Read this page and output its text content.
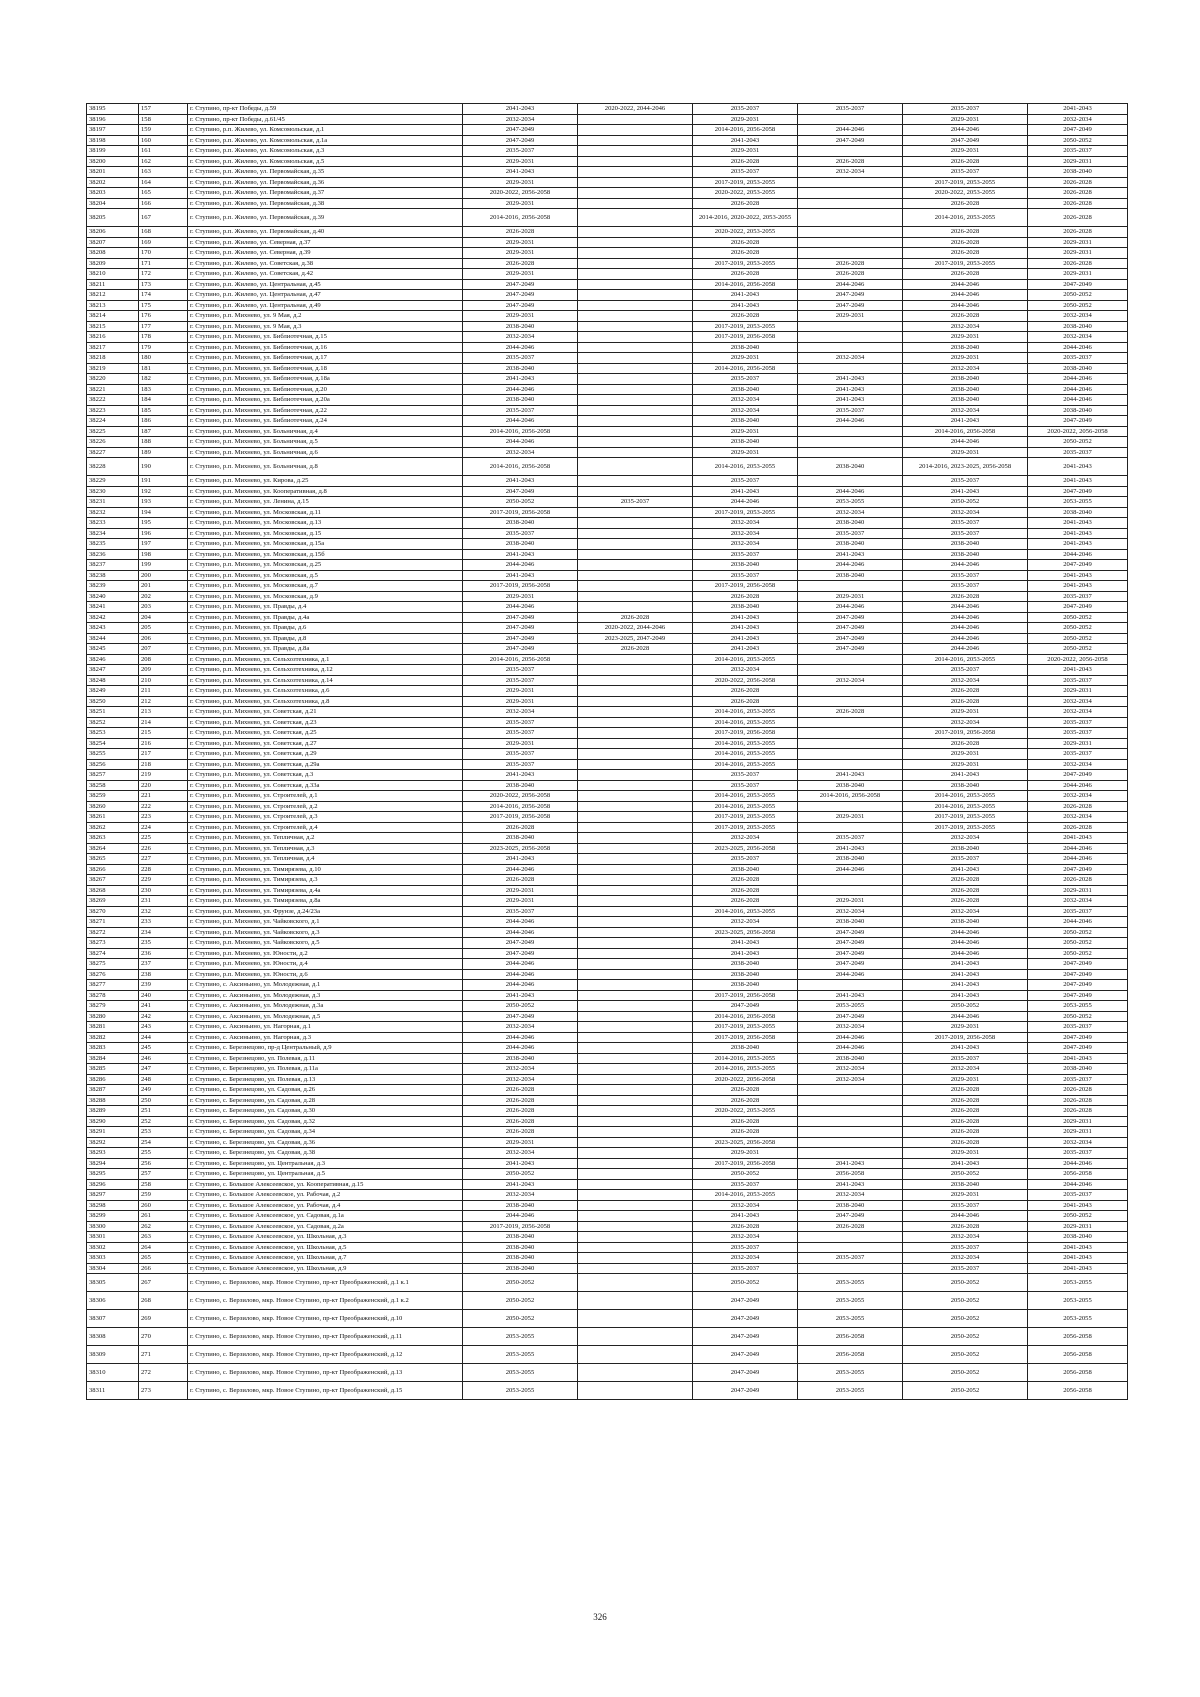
38195	157	г. Ступино, пр-кт Победы, д.59	2041-2043	2020-2022, 2044-2046	2035-2037	2035-2037	2035-2037	2041-2043
38196	158	г. Ступино, пр-кт Победы, д.61/45	2032-2034		2029-2031		2029-2031	2032-2034
38197	159	г. Ступино, р.п. Жилево, ул. Комсомольская, д.1	2047-2049		2014-2016, 2056-2058	2044-2046	2044-2046	2047-2049
38198	160	г. Ступино, р.п. Жилево, ул. Комсомольская, д.1а	2047-2049		2041-2043	2047-2049	2047-2049	2050-2052
38199	161	г. Ступино, р.п. Жилево, ул. Комсомольская, д.3	2035-2037		2029-2031		2029-2031	2035-2037
38200	162	г. Ступино, р.п. Жилево, ул. Комсомольская, д.5	2029-2031		2026-2028	2026-2028	2026-2028	2029-2031
38201	163	г. Ступино, р.п. Жилево, ул. Первомайская, д.35	2041-2043		2035-2037	2032-2034	2035-2037	2038-2040
38202	164	г. Ступино, р.п. Жилево, ул. Первомайская, д.36	2029-2031		2017-2019, 2053-2055		2017-2019, 2053-2055	2026-2028
38203	165	г. Ступино, р.п. Жилево, ул. Первомайская, д.37	2020-2022, 2056-2058		2020-2022, 2053-2055		2020-2022, 2053-2055	2026-2028
38204	166	г. Ступино, р.п. Жилево, ул. Первомайская, д.38	2029-2031		2026-2028		2026-2028	2026-2028
38205	167	г. Ступино, р.п. Жилево, ул. Первомайская, д.39	2014-2016, 2056-2058		2014-2016, 2020-2022, 2053-2055		2014-2016, 2053-2055	2026-2028
38206	168	г. Ступино, р.п. Жилево, ул. Первомайская, д.40	2026-2028		2020-2022, 2053-2055		2026-2028	2026-2028
38207	169	г. Ступино, р.п. Жилево, ул. Северная, д.37	2029-2031		2026-2028		2026-2028	2029-2031
38208	170	г. Ступино, р.п. Жилево, ул. Северная, д.39	2029-2031		2026-2028		2026-2028	2029-2031
38209	171	г. Ступино, р.п. Жилево, ул. Советская, д.38	2026-2028		2017-2019, 2053-2055	2026-2028	2017-2019, 2053-2055	2026-2028
38210	172	г. Ступино, р.п. Жилево, ул. Советская, д.42	2029-2031		2026-2028	2026-2028	2026-2028	2029-2031
38211	173	г. Ступино, р.п. Жилево, ул. Центральная, д.45	2047-2049		2014-2016, 2056-2058	2044-2046	2044-2046	2047-2049
38212	174	г. Ступино, р.п. Жилево, ул. Центральная, д.47	2047-2049		2041-2043	2047-2049	2044-2046	2050-2052
38213	175	г. Ступино, р.п. Жилево, ул. Центральная, д.49	2047-2049		2041-2043	2047-2049	2044-2046	2050-2052
38214	176	г. Ступино, р.п. Михнево, ул. 9 Мая, д.2	2029-2031		2026-2028	2029-2031	2026-2028	2032-2034
38215	177	г. Ступино, р.п. Михнево, ул. 9 Мая, д.3	2038-2040		2017-2019, 2053-2055		2032-2034	2038-2040
38216	178	г. Ступино, р.п. Михнево, ул. Библиотечная, д.15	2032-2034		2017-2019, 2056-2058		2029-2031	2032-2034
38217	179	г. Ступино, р.п. Михнево, ул. Библиотечная, д.16	2044-2046		2038-2040		2038-2040	2044-2046
38218	180	г. Ступино, р.п. Михнево, ул. Библиотечная, д.17	2035-2037		2029-2031	2032-2034	2029-2031	2035-2037
38219	181	г. Ступино, р.п. Михнево, ул. Библиотечная, д.18	2038-2040		2014-2016, 2056-2058		2032-2034	2038-2040
38220	182	г. Ступино, р.п. Михнево, ул. Библиотечная, д.18а	2041-2043		2035-2037	2041-2043	2038-2040	2044-2046
38221	183	г. Ступино, р.п. Михнево, ул. Библиотечная, д.20	2044-2046		2038-2040	2041-2043	2038-2040	2044-2046
38222	184	г. Ступино, р.п. Михнево, ул. Библиотечная, д.20а	2038-2040		2032-2034	2041-2043	2038-2040	2044-2046
38223	185	г. Ступино, р.п. Михнево, ул. Библиотечная, д.22	2035-2037		2032-2034	2035-2037	2032-2034	2038-2040
38224	186	г. Ступино, р.п. Михнево, ул. Библиотечная, д.24	2044-2046		2038-2040	2044-2046	2041-2043	2047-2049
38225	187	г. Ступино, р.п. Михнево, ул. Больничная, д.4	2014-2016, 2056-2058		2029-2031		2014-2016, 2056-2058	2020-2022, 2056-2058
38226	188	г. Ступино, р.п. Михнево, ул. Больничная, д.5	2044-2046		2038-2040		2044-2046	2050-2052
38227	189	г. Ступино, р.п. Михнево, ул. Больничная, д.6	2032-2034		2029-2031		2029-2031	2035-2037
38228	190	г. Ступино, р.п. Михнево, ул. Больничная, д.8	2014-2016, 2056-2058		2014-2016, 2053-2055	2038-2040	2014-2016, 2023-2025, 2056-2058	2041-2043
38229	191	г. Ступино, р.п. Михнево, ул. Кирова, д.25	2041-2043		2035-2037		2035-2037	2041-2043
38230	192	г. Ступино, р.п. Михнево, ул. Кооперативная, д.8	2047-2049		2041-2043	2044-2046	2041-2043	2047-2049
38231	193	г. Ступино, р.п. Михнево, ул. Ленина, д.15	2050-2052	2035-2037	2044-2046	2053-2055	2050-2052	2053-2055
38232	194	г. Ступино, р.п. Михнево, ул. Московская, д.11	2017-2019, 2056-2058		2017-2019, 2053-2055	2032-2034	2032-2034	2038-2040
38233	195	г. Ступино, р.п. Михнево, ул. Московская, д.13	2038-2040		2032-2034	2038-2040	2035-2037	2041-2043
38234	196	г. Ступино, р.п. Михнево, ул. Московская, д.15	2035-2037		2032-2034	2035-2037	2035-2037	2041-2043
38235	197	г. Ступино, р.п. Михнево, ул. Московская, д.15а	2038-2040		2032-2034	2038-2040	2038-2040	2041-2043
38236	198	г. Ступино, р.п. Михнево, ул. Московская, д.15б	2041-2043		2035-2037	2041-2043	2038-2040	2044-2046
38237	199	г. Ступино, р.п. Михнево, ул. Московская, д.25	2044-2046		2038-2040	2044-2046	2044-2046	2047-2049
38238	200	г. Ступино, р.п. Михнево, ул. Московская, д.5	2041-2043		2035-2037	2038-2040	2035-2037	2041-2043
38239	201	г. Ступино, р.п. Михнево, ул. Московская, д.7	2017-2019, 2056-2058		2017-2019, 2056-2058		2035-2037	2041-2043
38240	202	г. Ступино, р.п. Михнево, ул. Московская, д.9	2029-2031		2026-2028	2029-2031	2026-2028	2035-2037
38241	203	г. Ступино, р.п. Михнево, ул. Правды, д.4	2044-2046		2038-2040	2044-2046	2044-2046	2047-2049
38242	204	г. Ступино, р.п. Михнево, ул. Правды, д.4а	2047-2049	2026-2028	2041-2043	2047-2049	2044-2046	2050-2052
38243	205	г. Ступино, р.п. Михнево, ул. Правды, д.6	2047-2049	2020-2022, 2044-2046	2041-2043	2047-2049	2044-2046	2050-2052
38244	206	г. Ступино, р.п. Михнево, ул. Правды, д.8	2047-2049	2023-2025, 2047-2049	2041-2043	2047-2049	2044-2046	2050-2052
38245	207	г. Ступино, р.п. Михнево, ул. Правды, д.8а	2047-2049	2026-2028	2041-2043	2047-2049	2044-2046	2050-2052
38246	208	г. Ступино, р.п. Михнево, ул. Сельхозтехника, д.1	2014-2016, 2056-2058		2014-2016, 2053-2055		2014-2016, 2053-2055	2020-2022, 2056-2058
38247	209	г. Ступино, р.п. Михнево, ул. Сельхозтехника, д.12	2035-2037		2032-2034		2035-2037	2041-2043
38248	210	г. Ступино, р.п. Михнево, ул. Сельхозтехника, д.14	2035-2037		2020-2022, 2056-2058	2032-2034	2032-2034	2035-2037
38249	211	г. Ступино, р.п. Михнево, ул. Сельхозтехника, д.6	2029-2031		2026-2028		2026-2028	2029-2031
38250	212	г. Ступино, р.п. Михнево, ул. Сельхозтехника, д.8	2029-2031		2026-2028		2026-2028	2032-2034
38251	213	г. Ступино, р.п. Михнево, ул. Советская, д.21	2032-2034		2014-2016, 2053-2055	2026-2028	2029-2031	2032-2034
38252	214	г. Ступино, р.п. Михнево, ул. Советская, д.23	2035-2037		2014-2016, 2053-2055		2032-2034	2035-2037
38253	215	г. Ступино, р.п. Михнево, ул. Советская, д.25	2035-2037		2017-2019, 2056-2058		2017-2019, 2056-2058	2035-2037
38254	216	г. Ступино, р.п. Михнево, ул. Советская, д.27	2029-2031		2014-2016, 2053-2055		2026-2028	2029-2031
38255	217	г. Ступино, р.п. Михнево, ул. Советская, д.29	2035-2037		2014-2016, 2053-2055		2029-2031	2035-2037
38256	218	г. Ступино, р.п. Михнево, ул. Советская, д.29а	2035-2037		2014-2016, 2053-2055		2029-2031	2032-2034
38257	219	г. Ступино, р.п. Михнево, ул. Советская, д.3	2041-2043		2035-2037	2041-2043	2041-2043	2047-2049
38258	220	г. Ступино, р.п. Михнево, ул. Советская, д.33а	2038-2040		2035-2037	2038-2040	2038-2040	2044-2046
38259	221	г. Ступино, р.п. Михнево, ул. Строителей, д.1	2020-2022, 2056-2058		2014-2016, 2053-2055	2014-2016, 2056-2058	2014-2016, 2053-2055	2032-2034
38260	222	г. Ступино, р.п. Михнево, ул. Строителей, д.2	2014-2016, 2056-2058		2014-2016, 2053-2055		2014-2016, 2053-2055	2026-2028
38261	223	г. Ступино, р.п. Михнево, ул. Строителей, д.3	2017-2019, 2056-2058		2017-2019, 2053-2055	2029-2031	2017-2019, 2053-2055	2032-2034
38262	224	г. Ступино, р.п. Михнево, ул. Строителей, д.4	2026-2028		2017-2019, 2053-2055		2017-2019, 2053-2055	2026-2028
38263	225	г. Ступино, р.п. Михнево, ул. Тепличная, д.2	2038-2040		2032-2034	2035-2037	2032-2034	2041-2043
38264	226	г. Ступино, р.п. Михнево, ул. Тепличная, д.3	2023-2025, 2056-2058		2023-2025, 2056-2058	2041-2043	2038-2040	2044-2046
38265	227	г. Ступино, р.п. Михнево, ул. Тепличная, д.4	2041-2043		2035-2037	2038-2040	2035-2037	2044-2046
38266	228	г. Ступино, р.п. Михнево, ул. Тимирязева, д.10	2044-2046		2038-2040	2044-2046	2041-2043	2047-2049
38267	229	г. Ступино, р.п. Михнево, ул. Тимирязева, д.3	2026-2028		2026-2028		2026-2028	2026-2028
38268	230	г. Ступино, р.п. Михнево, ул. Тимирязева, д.4а	2029-2031		2026-2028		2026-2028	2029-2031
38269	231	г. Ступино, р.п. Михнево, ул. Тимирязева, д.8а	2029-2031		2026-2028	2029-2031	2026-2028	2032-2034
38270	232	г. Ступино, р.п. Михнево, ул. Фрунзе, д.24/23а	2035-2037		2014-2016, 2053-2055	2032-2034	2032-2034	2035-2037
38271	233	г. Ступино, р.п. Михнево, ул. Чайковского, д.1	2044-2046		2032-2034	2038-2040	2038-2040	2044-2046
38272	234	г. Ступино, р.п. Михнево, ул. Чайковского, д.3	2044-2046		2023-2025, 2056-2058	2047-2049	2044-2046	2050-2052
38273	235	г. Ступино, р.п. Михнево, ул. Чайковского, д.5	2047-2049		2041-2043	2047-2049	2044-2046	2050-2052
38274	236	г. Ступино, р.п. Михнево, ул. Юности, д.2	2047-2049		2041-2043	2047-2049	2044-2046	2050-2052
38275	237	г. Ступино, р.п. Михнево, ул. Юности, д.4	2044-2046		2038-2040	2047-2049	2041-2043	2047-2049
38276	238	г. Ступино, р.п. Михнево, ул. Юности, д.6	2044-2046		2038-2040	2044-2046	2041-2043	2047-2049
38277	239	г. Ступино, с. Аксиньино, ул. Молодежная, д.1	2044-2046		2038-2040		2041-2043	2047-2049
38278	240	г. Ступино, с. Аксиньино, ул. Молодежная, д.3	2041-2043		2017-2019, 2056-2058	2041-2043	2041-2043	2047-2049
38279	241	г. Ступино, с. Аксиньино, ул. Молодежная, д.3а	2050-2052		2047-2049	2053-2055	2050-2052	2053-2055
38280	242	г. Ступино, с. Аксиньино, ул. Молодежная, д.5	2047-2049		2014-2016, 2056-2058	2047-2049	2044-2046	2050-2052
38281	243	г. Ступино, с. Аксиньино, ул. Нагорная, д.1	2032-2034		2017-2019, 2053-2055	2032-2034	2029-2031	2035-2037
38282	244	г. Ступино, с. Аксиньино, ул. Нагорная, д.3	2044-2046		2017-2019, 2056-2058	2044-2046	2017-2019, 2056-2058	2047-2049
38283	245	г. Ступино, с. Березнецово, пр-д Центральный, д.9	2044-2046		2038-2040	2044-2046	2041-2043	2047-2049
38284	246	г. Ступино, с. Березнецово, ул. Полевая, д.11	2038-2040		2014-2016, 2053-2055	2038-2040	2035-2037	2041-2043
38285	247	г. Ступино, с. Березнецово, ул. Полевая, д.11а	2032-2034		2014-2016, 2053-2055	2032-2034	2032-2034	2038-2040
38286	248	г. Ступино, с. Березнецово, ул. Полевая, д.13	2032-2034		2020-2022, 2056-2058	2032-2034	2029-2031	2035-2037
38287	249	г. Ступино, с. Березнецово, ул. Садовая, д.26	2026-2028		2026-2028		2026-2028	2026-2028
38288	250	г. Ступино, с. Березнецово, ул. Садовая, д.28	2026-2028		2026-2028		2026-2028	2026-2028
38289	251	г. Ступино, с. Березнецово, ул. Садовая, д.30	2026-2028		2020-2022, 2053-2055		2026-2028	2026-2028
38290	252	г. Ступино, с. Березнецово, ул. Садовая, д.32	2026-2028		2026-2028		2026-2028	2029-2031
38291	253	г. Ступино, с. Березнецово, ул. Садовая, д.34	2026-2028		2026-2028		2026-2028	2029-2031
38292	254	г. Ступино, с. Березнецово, ул. Садовая, д.36	2029-2031		2023-2025, 2056-2058		2026-2028	2032-2034
38293	255	г. Ступино, с. Березнецово, ул. Садовая, д.38	2032-2034		2029-2031		2029-2031	2035-2037
38294	256	г. Ступино, с. Березнецово, ул. Центральная, д.3	2041-2043		2017-2019, 2056-2058	2041-2043	2041-2043	2044-2046
38295	257	г. Ступино, с. Березнецово, ул. Центральная, д.5	2050-2052		2050-2052	2056-2058	2050-2052	2056-2058
38296	258	г. Ступино, с. Большое Алексеевское, ул. Кооперативная, д.15	2041-2043		2035-2037	2041-2043	2038-2040	2044-2046
38297	259	г. Ступино, с. Большое Алексеевское, ул. Рабочая, д.2	2032-2034		2014-2016, 2053-2055	2032-2034	2029-2031	2035-2037
38298	260	г. Ступино, с. Большое Алексеевское, ул. Рабочая, д.4	2038-2040		2032-2034	2038-2040	2035-2037	2041-2043
38299	261	г. Ступино, с. Большое Алексеевское, ул. Садовая, д.1а	2044-2046		2041-2043	2047-2049	2044-2046	2050-2052
38300	262	г. Ступино, с. Большое Алексеевское, ул. Садовая, д.2а	2017-2019, 2056-2058		2026-2028	2026-2028	2026-2028	2029-2031
38301	263	г. Ступино, с. Большое Алексеевское, ул. Школьная, д.3	2038-2040		2032-2034		2032-2034	2038-2040
38302	264	г. Ступино, с. Большое Алексеевское, ул. Школьная, д.5	2038-2040		2035-2037		2035-2037	2041-2043
38303	265	г. Ступино, с. Большое Алексеевское, ул. Школьная, д.7	2038-2040		2032-2034	2035-2037	2032-2034	2041-2043
38304	266	г. Ступино, с. Большое Алексеевское, ул. Школьная, д.9	2038-2040		2035-2037		2035-2037	2041-2043
38305	267	г. Ступино, с. Верзилово, мкр. Новое Ступино, пр-кт Преображенский, д.1 к.1	2050-2052		2050-2052	2053-2055	2050-2052	2053-2055
38306	268	г. Ступино, с. Верзилово, мкр. Новое Ступино, пр-кт Преображенский, д.1 к.2	2050-2052		2047-2049	2053-2055	2050-2052	2053-2055
38307	269	г. Ступино, с. Верзилово, мкр. Новое Ступино, пр-кт Преображенский, д.10	2050-2052		2047-2049	2053-2055	2050-2052	2053-2055
38308	270	г. Ступино, с. Верзилово, мкр. Новое Ступино, пр-кт Преображенский, д.11	2053-2055		2047-2049	2056-2058	2050-2052	2056-2058
38309	271	г. Ступино, с. Верзилово, мкр. Новое Ступино, пр-кт Преображенский, д.12	2053-2055		2047-2049	2056-2058	2050-2052	2056-2058
38310	272	г. Ступино, с. Верзилово, мкр. Новое Ступино, пр-кт Преображенский, д.13	2053-2055		2047-2049	2053-2055	2050-2052	2056-2058
38311	273	г. Ступино, с. Верзилово, мкр. Новое Ступино, пр-кт Преображенский, д.15	2053-2055		2047-2049	2053-2055	2050-2052	2056-2058
326
